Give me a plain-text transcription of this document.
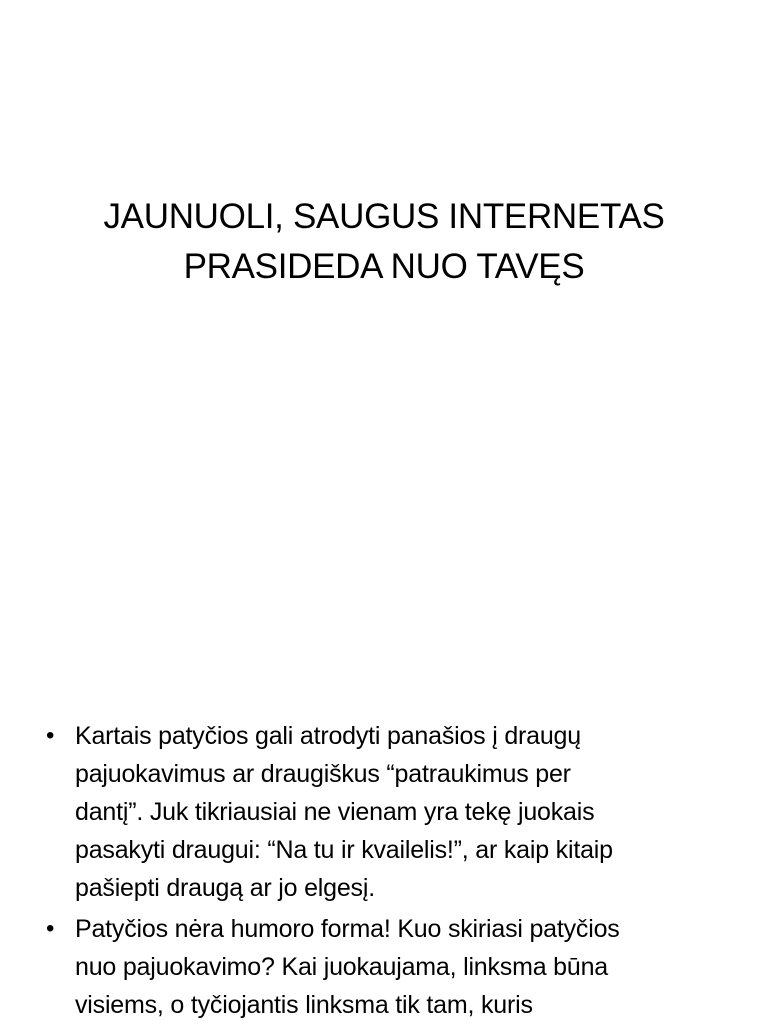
JAUNUOLI, SAUGUS INTERNETAS
PRASIDEDA NUO TAVĘS
• Kartais patyčios gali atrodyti panašios į draugų
pajuokavimus ar draugiškus “patraukimus per
dantį”. Juk tikriausiai ne vienam yra tekę juokais
pasakyti draugui: “Na tu ir kvailelis!”, ar kaip kitaip
pašiepti draugą ar jo elgesį.
• Patyčios nėra humoro forma! Kuo skiriasi patyčios
nuo pajuokavimo? Kai juokaujama, linksma būna
visiems, o tyčiojantis linksma tik tam, kuris
